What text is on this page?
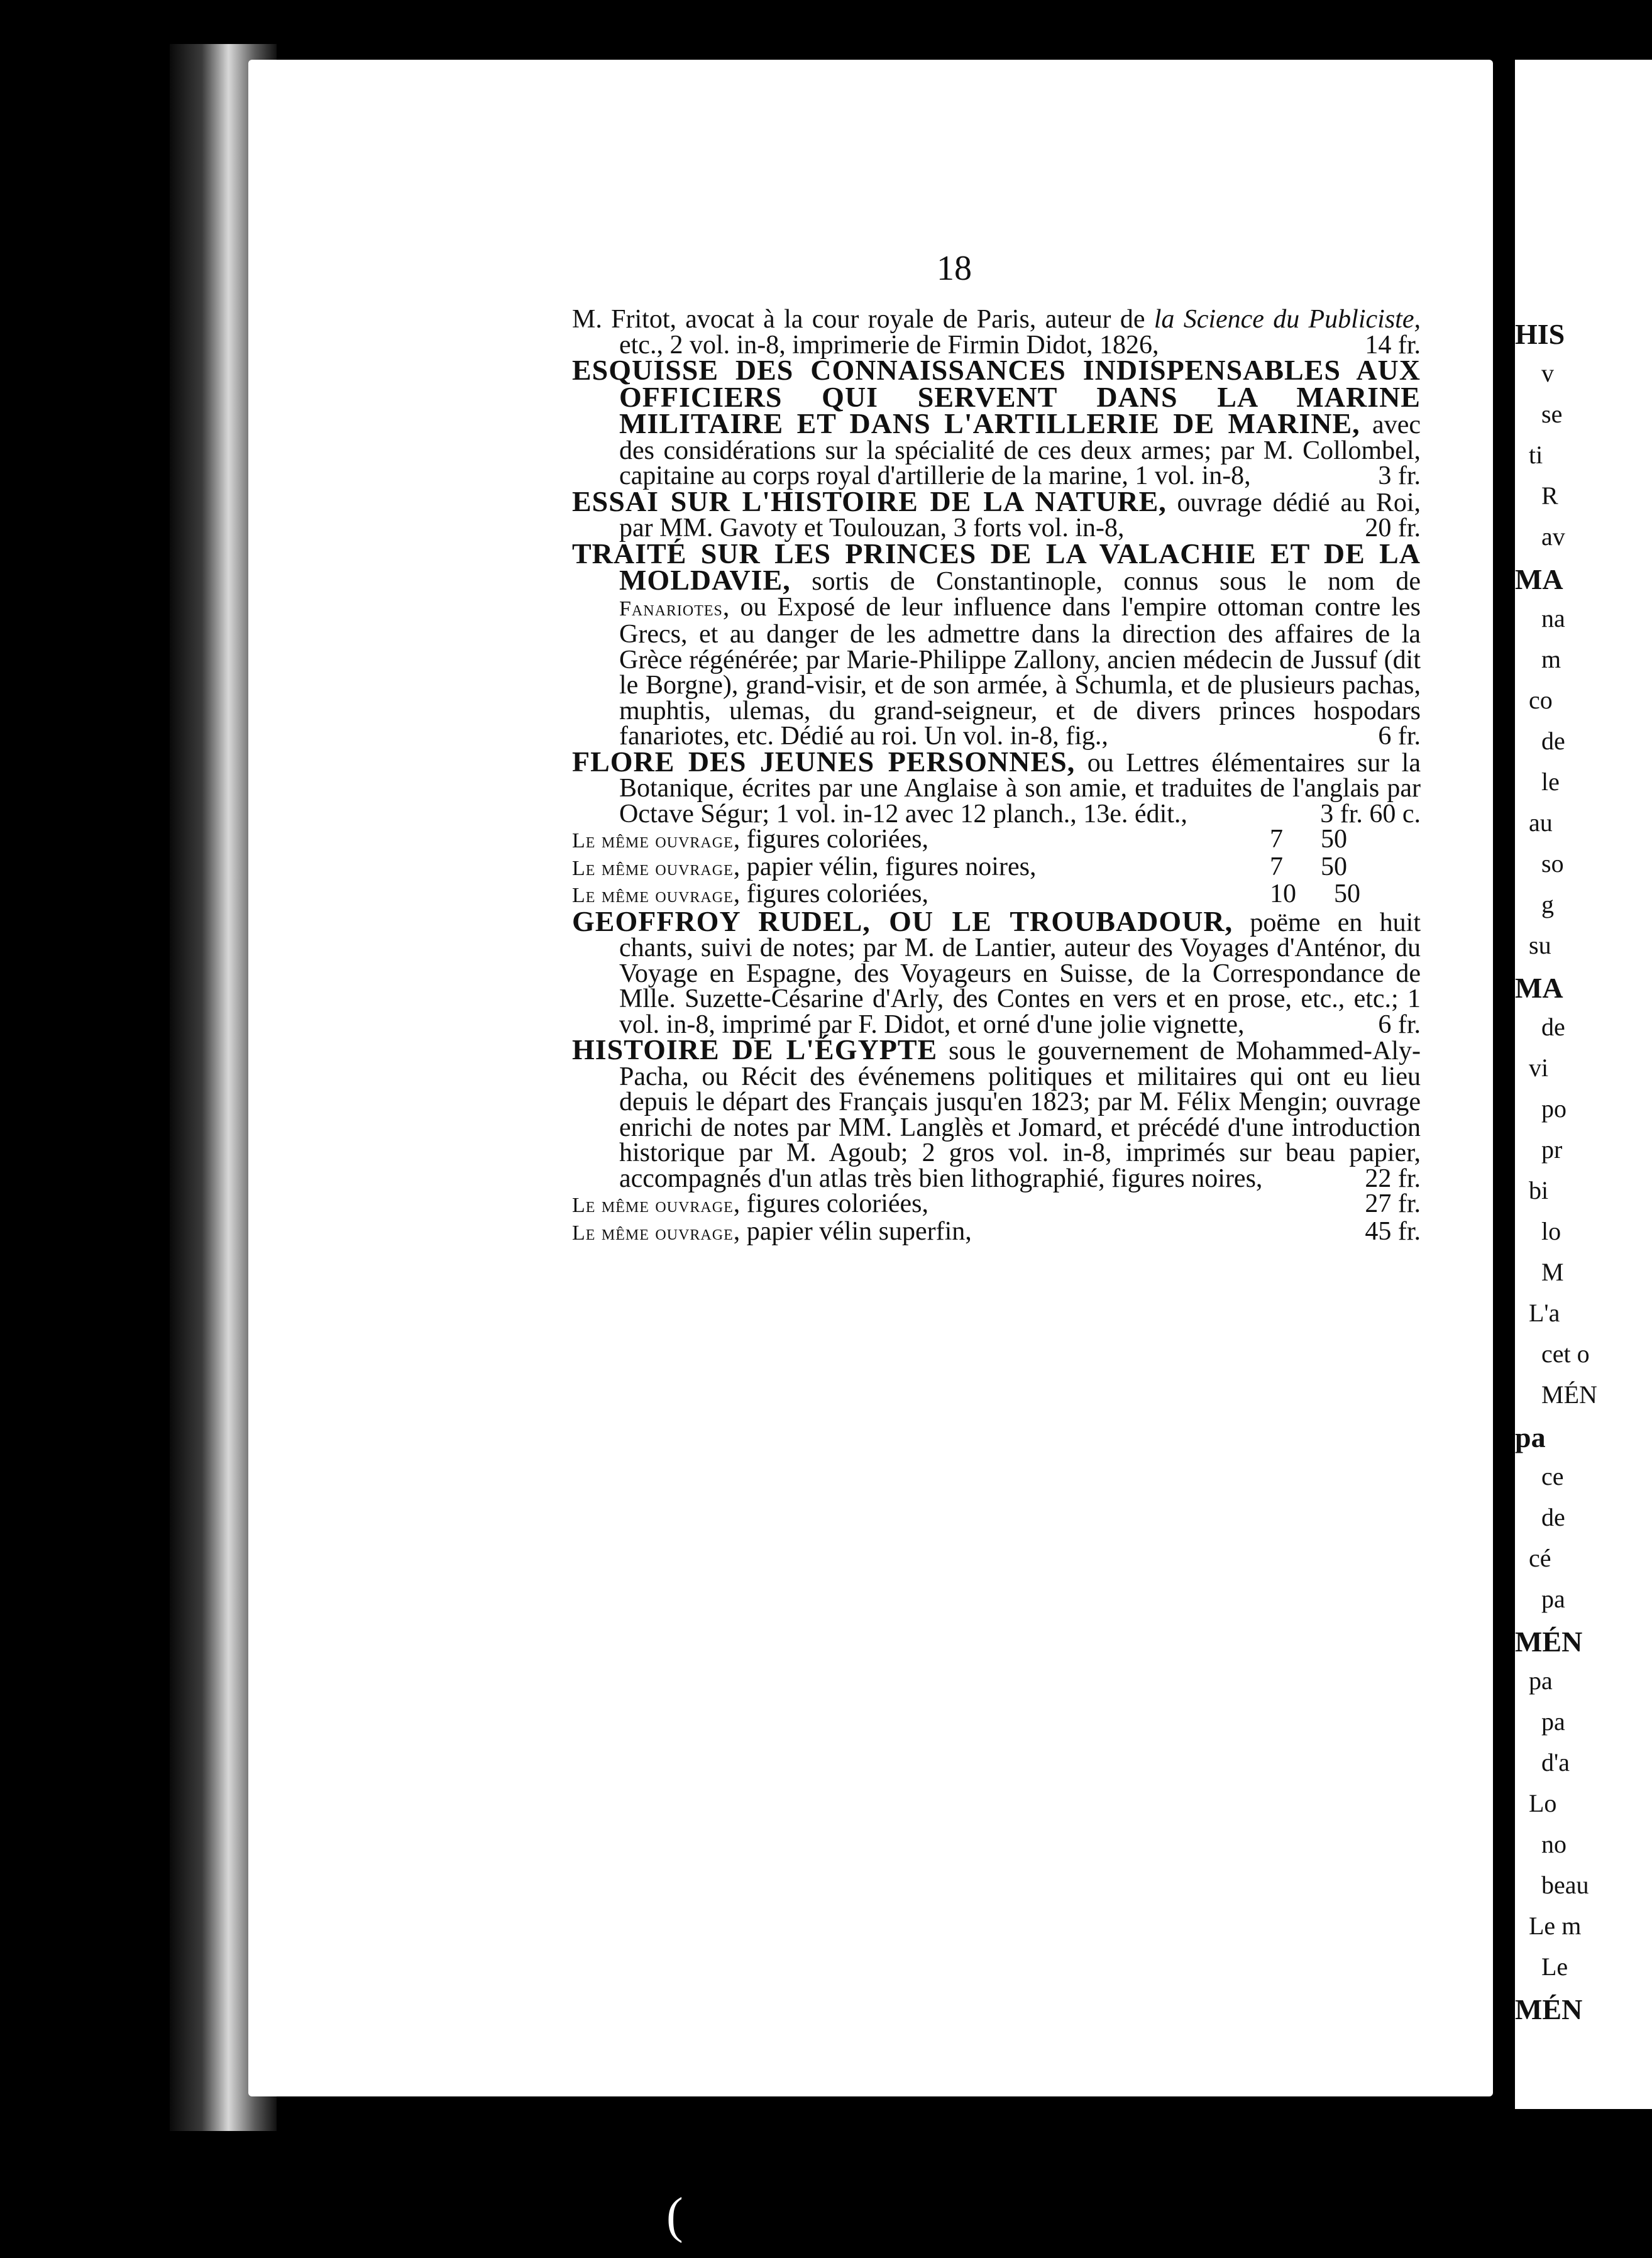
HIS
v
se
ti
R
av
MA
na
m
co
de
le
au
so
g
su
MA
de
vi
po
pr
bi
lo
M
L'a
cet o
MÉN
pa
ce
de
cé
pa
MÉN
pa
pa
d'a
Lo
no
beau
Le m
Le
MÉN
18

M. Fritot, avocat à la cour royale de Paris, auteur de la Science du Publiciste, etc., 2 vol. in-8, imprimerie de Firmin Didot, 1826,	14 fr.

ESQUISSE DES CONNAISSANCES INDISPENSABLES AUX OFFICIERS QUI SERVENT DANS LA MARINE MILITAIRE ET DANS L'ARTILLERIE DE MARINE, avec des considérations sur la spécialité de ces deux armes; par M. Collombel, capitaine au corps royal d'artillerie de la marine, 1 vol. in-8,	3 fr.

ESSAI SUR L'HISTOIRE DE LA NATURE, ouvrage dédié au Roi, par MM. Gavoty et Toulouzan, 3 forts vol. in-8,	20 fr.

TRAITÉ SUR LES PRINCES DE LA VALACHIE ET DE LA MOLDAVIE, sortis de Constantinople, connus sous le nom de Fanariotes, ou Exposé de leur influence dans l'empire ottoman contre les Grecs, et au danger de les admettre dans la direction des affaires de la Grèce régénérée; par Marie-Philippe Zallony, ancien médecin de Jussuf (dit le Borgne), grand-visir, et de son armée, à Schumla, et de plusieurs pachas, muphtis, ulemas, du grand-seigneur, et de divers princes hospodars fanariotes, etc. Dédié au roi. Un vol. in-8, fig.,	6 fr.

FLORE DES JEUNES PERSONNES, ou Lettres élémentaires sur la Botanique, écrites par une Anglaise à son amie, et traduites de l'anglais par Octave Ségur; 1 vol. in-12 avec 12 planch., 13e. édit.,	3 fr. 60 c.

Le même ouvrage, figures coloriées,	7 50
Le même ouvrage, papier vélin, figures noires,	7 50
Le même ouvrage, figures coloriées,	10 50

GEOFFROY RUDEL, OU LE TROUBADOUR, poëme en huit chants, suivi de notes; par M. de Lantier, auteur des Voyages d'Anténor, du Voyage en Espagne, des Voyageurs en Suisse, de la Correspondance de Mlle. Suzette-Césarine d'Arly, des Contes en vers et en prose, etc., etc.; 1 vol. in-8, imprimé par F. Didot, et orné d'une jolie vignette,	6 fr.

HISTOIRE DE L'ÉGYPTE sous le gouvernement de Mohammed-Aly-Pacha, ou Récit des événemens politiques et militaires qui ont eu lieu depuis le départ des Français jusqu'en 1823; par M. Félix Mengin; ouvrage enrichi de notes par MM. Langlès et Jomard, et précédé d'une introduction historique par M. Agoub; 2 gros vol. in-8, imprimés sur beau papier, accompagnés d'un atlas très bien lithographié, figures noires,	22 fr.

Le même ouvrage, figures coloriées,	27 fr.
Le même ouvrage, papier vélin superfin,	45 fr.
(
